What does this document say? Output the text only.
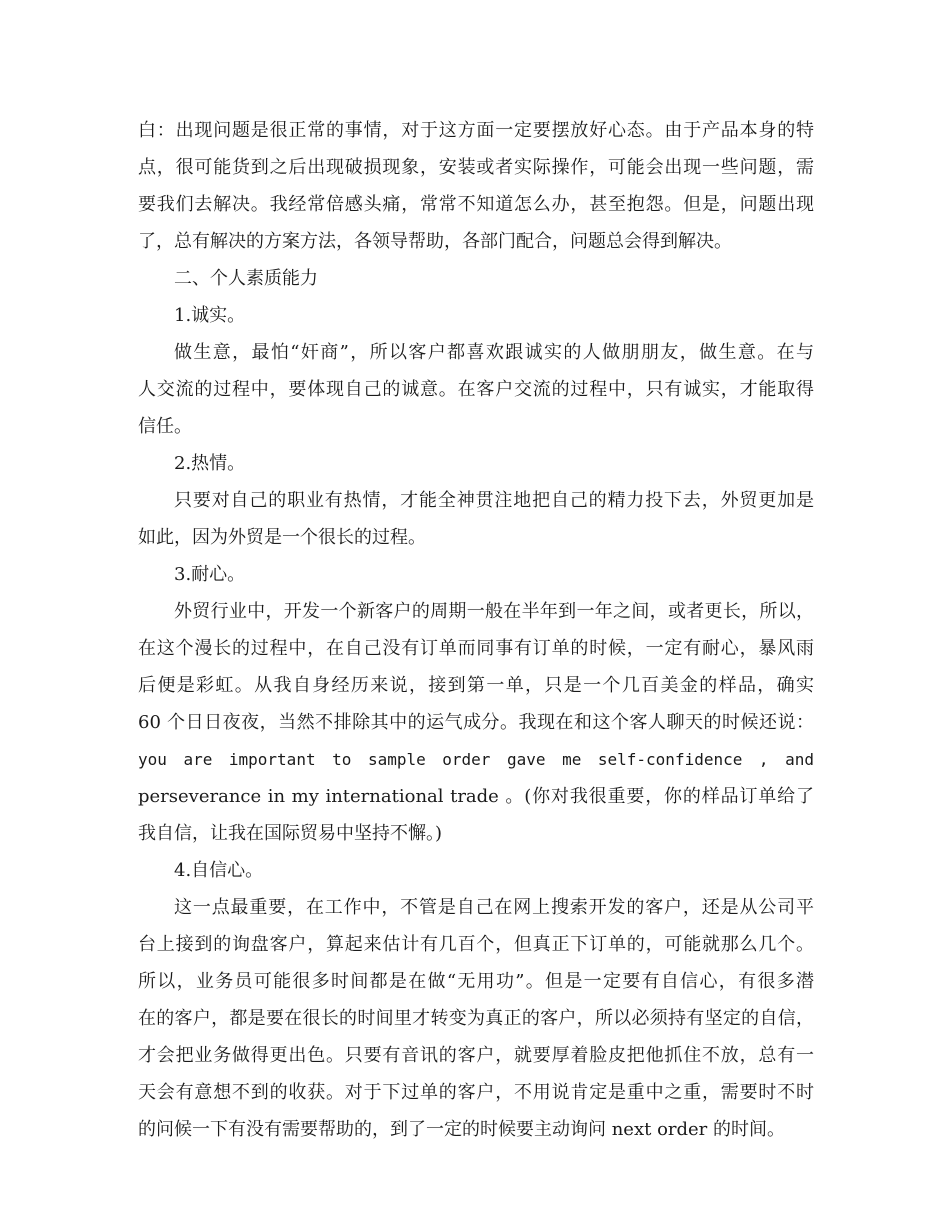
白：出现问题是很正常的事情，对于这方面一定要摆放好心态。由于产品本身的特
点，很可能货到之后出现破损现象，安装或者实际操作，可能会出现一些问题，需
要我们去解决。我经常倍感头痛，常常不知道怎么办，甚至抱怨。但是，问题出现
了，总有解决的方案方法，各领导帮助，各部门配合，问题总会得到解决。
二、个人素质能力
1.诚实。
做生意，最怕“奸商”，所以客户都喜欢跟诚实的人做朋朋友，做生意。在与
人交流的过程中，要体现自己的诚意。在客户交流的过程中，只有诚实，才能取得
信任。
2.热情。
只要对自己的职业有热情，才能全神贯注地把自己的精力投下去，外贸更加是
如此，因为外贸是一个很长的过程。
3.耐心。
外贸行业中，开发一个新客户的周期一般在半年到一年之间，或者更长，所以，
在这个漫长的过程中，在自己没有订单而同事有订单的时候，一定有耐心，暴风雨
后便是彩虹。从我自身经历来说，接到第一单，只是一个几百美金的样品，确实
60 个日日夜夜，当然不排除其中的运气成分。我现在和这个客人聊天的时候还说：
you are important to sample order gave me self-confidence , and
perseverance in my international trade 。(你对我很重要，你的样品订单给了
我自信，让我在国际贸易中坚持不懈。)
4.自信心。
这一点最重要，在工作中，不管是自己在网上搜索开发的客户，还是从公司平
台上接到的询盘客户，算起来估计有几百个，但真正下订单的，可能就那么几个。
所以，业务员可能很多时间都是在做“无用功”。但是一定要有自信心，有很多潜
在的客户，都是要在很长的时间里才转变为真正的客户，所以必须持有坚定的自信，
才会把业务做得更出色。只要有音讯的客户，就要厚着脸皮把他抓住不放，总有一
天会有意想不到的收获。对于下过单的客户，不用说肯定是重中之重，需要时不时
的问候一下有没有需要帮助的，到了一定的时候要主动询问 next order 的时间。
